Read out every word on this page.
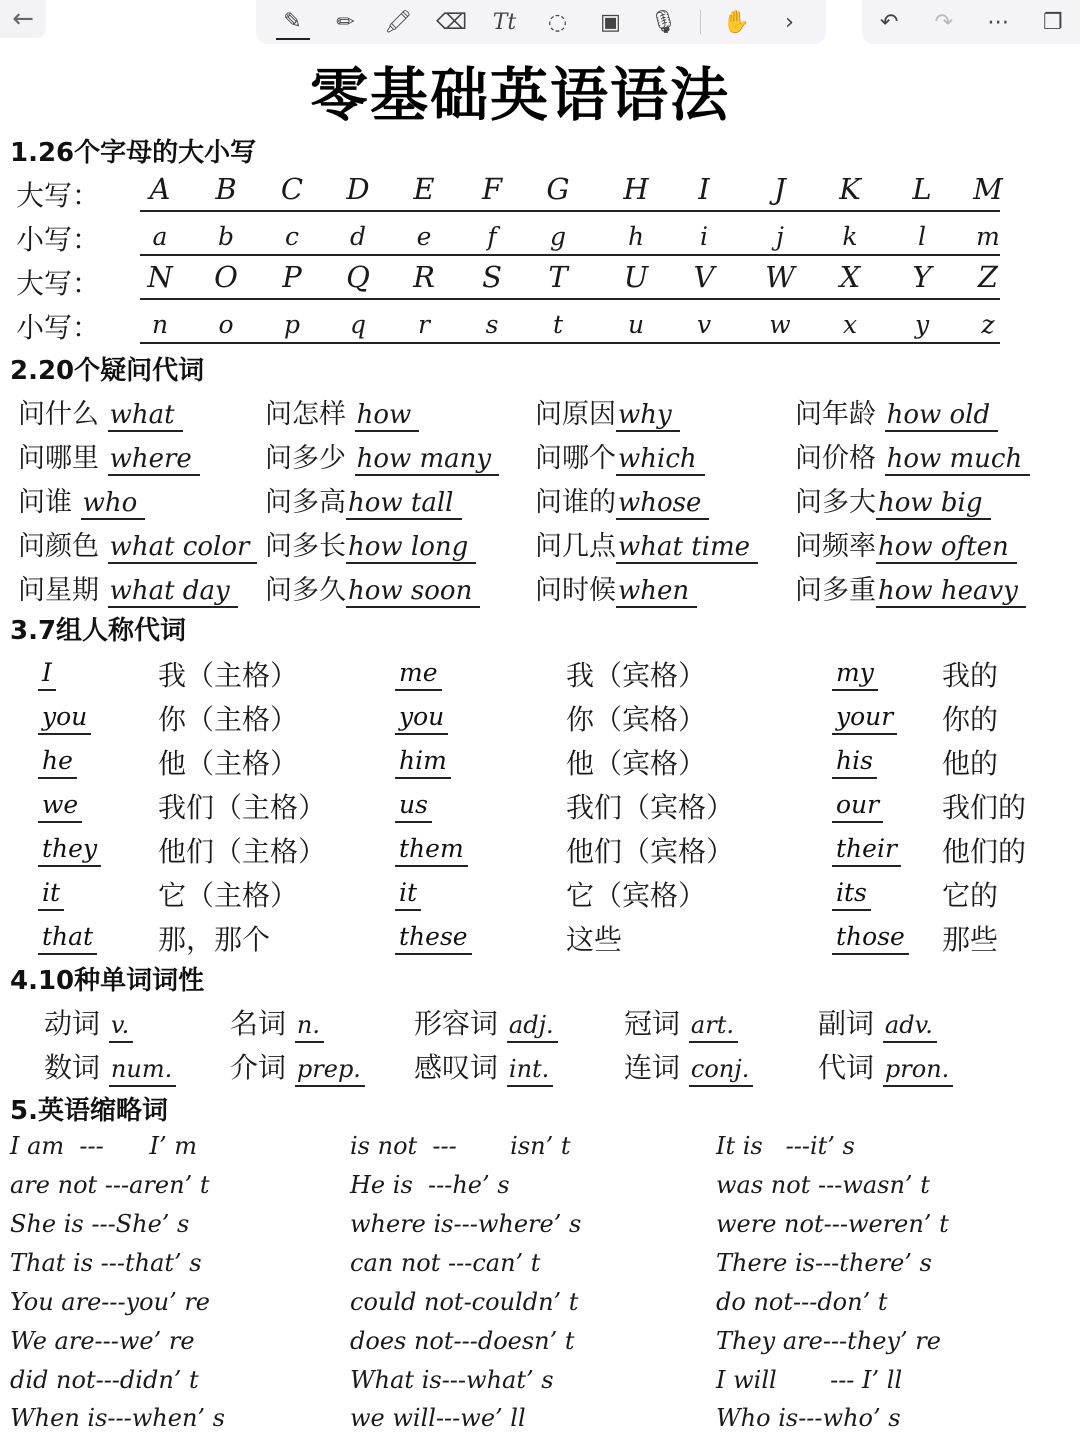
←	✎	✏	🖍 ⌫ Tt	◌	▣	🎙 ✋	›	↶	↷	⋯	❐
零基础英语语法
1.26个字母的大小写
大写：	A	B	C	D	E	F	G H	I	J	K	L	M
小写：	a	b	c	d	e	f	g	h	i	j	k	l	m
大写： N O	P	Q	R	S	T	U	V	W	X	Y	Z
小写：	n	o	p	q	r	s	t	u	v	w	x	y	z
2.20个疑问代词
问什么 what	问怎样 how	问原因why	问年龄 how old
问哪里 where	问多少 how many 问哪个which	问价格 how much
问谁 who	问多高how tall	问谁的whose	问多大how big
问颜色 what color 问多长how long 问几点what time 问频率how often
问星期 what day 问多久how soon 问时候when	问多重how heavy
3.7组人称代词
I	我（主格）	me	我（宾格）	my 我的
you	你（主格）	you	你（宾格）	your 你的
he	他（主格）	him	他（宾格）	his 他的
we	我们（主格）	us	我们（宾格）	our 我们的
they 他们（主格）	them	他们（宾格）	their 他们的
it	它（主格）	it	它（宾格）	its	它的
that 那，那个	these	这些	those 那些
4.10种单词词性
动词 v.	名词 n.	形容词 adj.	冠词 art.	副词 adv.
数词 num. 介词 prep. 感叹词 int.	连词 conj. 代词 pron.
5.英语缩略词
I am  ---      I’ m	is not  ---       isn’ t	It is   ---it’ s
are not ---aren’ t	He is  ---he’ s	was not ---wasn’ t
She is ---She’ s	where is---where’ s	were not---weren’ t
That is ---that’ s	can not ---can’ t	There is---there’ s
You are---you’ re	could not-couldn’ t	do not---don’ t
We are---we’ re	does not---doesn’ t	They are---they’ re
did not---didn’ t	What is---what’ s	I will       --- I’ ll
When is---when’ s	we will---we’ ll	Who is---who’ s
